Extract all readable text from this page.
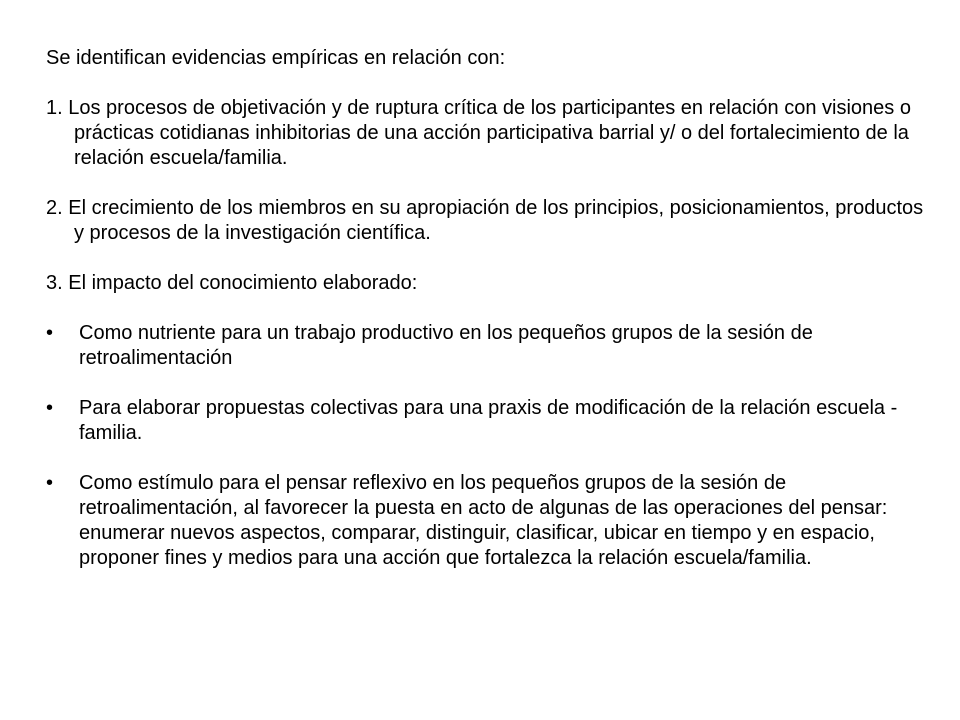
Se identifican evidencias empíricas en relación con:

1. Los procesos de objetivación y de ruptura crítica de los participantes en relación con visiones o prácticas cotidianas inhibitorias de una acción participativa barrial y/ o del fortalecimiento de la relación escuela/familia.

2. El crecimiento de los miembros en su apropiación de los principios, posicionamientos, productos y procesos de la investigación científica.

3. El impacto del conocimiento elaborado:

• Como nutriente para un trabajo productivo en los pequeños grupos de la sesión de retroalimentación
• Para elaborar propuestas colectivas para una praxis de modificación de la relación escuela - familia.
• Como estímulo para el pensar reflexivo en los pequeños grupos de la sesión de retroalimentación, al favorecer la puesta en acto de algunas de las operaciones del pensar: enumerar nuevos aspectos, comparar, distinguir, clasificar, ubicar en tiempo y en espacio, proponer fines y medios para una acción que fortalezca la relación escuela/familia.
